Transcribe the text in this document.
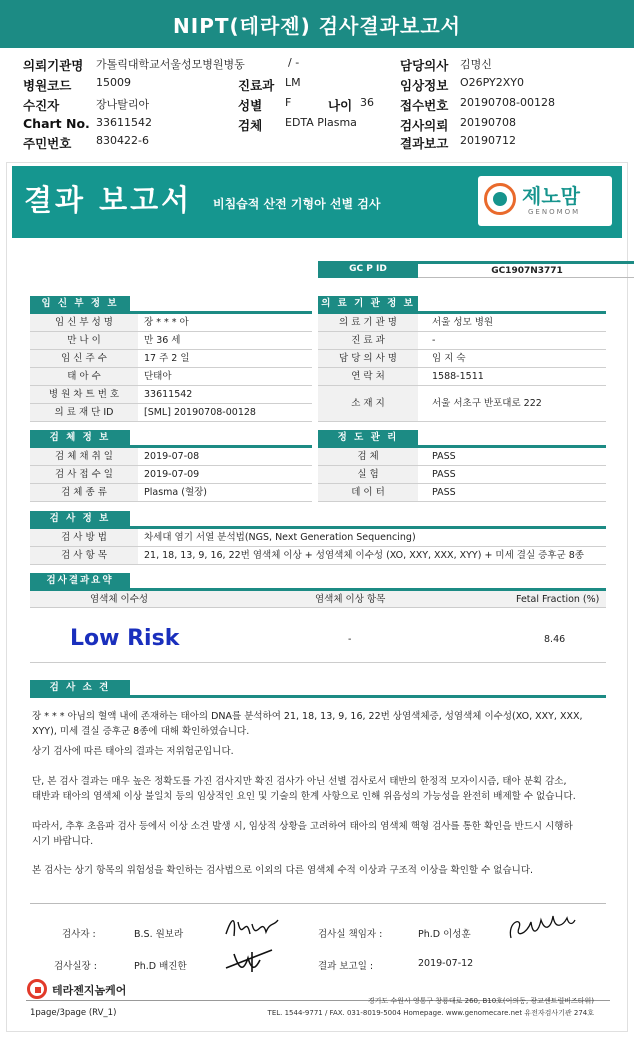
NIPT(테라젠) 검사결과보고서
의뢰기관명 가톨릭대학교서울성모병원병동	/ -	담당의사 김명신
병원코드 15009	진료과 LM	임상정보 O26PY2XY0
수진자	장나탈리아	성별 F	나이 36 접수번호 20190708-00128
Chart No. 33611542	검체 EDTA Plasma	검사의뢰 20190708
주민번호 830422-6	결과보고 20190712
결과 보고서 비침습적 산전 기형아 선별 검사	제노맘
GENOMOM
GC P ID	GC1907N3771
임 신 부 정 보
임 신 부 성 명	장 * * * 아
만 나 이	만 36 세
임 신 주 수	17 주 2 일
태 아 수	단태아
병 원 차 트 번 호	33611542
의 료 재 단 ID	[SML] 20190708-00128
의 료 기 관 정 보
의 료 기 관 명	서울 성모 병원
진 료 과	-
담 당 의 사 명	임 지 숙
연 락 처	1588-1511
소 재 지	서울 서초구 반포대로 222
검 체 정 보
검 체 채 취 일	2019-07-08
검 사 접 수 일	2019-07-09
검 체 종 류	Plasma (혈장)
정 도 관 리
검 체	PASS
실 험	PASS
데 이 터	PASS
검 사 정 보
검 사 방 법	차세대 염기 서열 분석법(NGS, Next Generation Sequencing)
검 사 항 목	21, 18, 13, 9, 16, 22번 염색체 이상 + 성염색체 이수성 (XO, XXY, XXX, XYY) + 미세 결실 증후군 8종
검사결과요약
염색체 이수성	염색체 이상 항목	Fetal Fraction (%)
Low Risk	-	8.46
검 사 소 견
장 * * * 아님의 혈액 내에 존재하는 태아의 DNA를 분석하여 21, 18, 13, 9, 16, 22번 상염색체증, 성염색체 이수성(XO, XXY, XXX,
XYY), 미세 결실 증후군 8종에 대해 확인하였습니다.
상기 검사에 따른 태아의 결과는 저위험군입니다.
단, 본 검사 결과는 매우 높은 정확도를 가진 검사지만 확진 검사가 아닌 선별 검사로서 태반의 한정적 모자이시즘, 태아 분획 감소,
태반과 태아의 염색체 이상 불일치 등의 임상적인 요인 및 기술의 한계 사항으로 인해 위음성의 가능성을 완전히 배제할 수 없습니다.
따라서, 추후 초음파 검사 등에서 이상 소견 발생 시, 임상적 상황을 고려하여 태아의 염색체 핵형 검사를 통한 확인을 반드시 시행하
시기 바랍니다.
본 검사는 상기 항목의 위험성을 확인하는 검사법으로 이외의 다른 염색체 수적 이상과 구조적 이상을 확인할 수 없습니다.
검사자 :	B.S. 원보라	검사실 책임자 :	Ph.D 이성훈
검사실장 :	Ph.D 배진한	결과 보고일 :	2019-07-12
테라젠지놈케어
경기도 수원시 영통구 창룡대로 260, B10호(이의동, 광교센트럴비즈타워)
TEL. 1544-9771 / FAX. 031-8019-5004 Homepage. www.genomecare.net 유전자검사기관 274호
1page/3page (RV_1)
